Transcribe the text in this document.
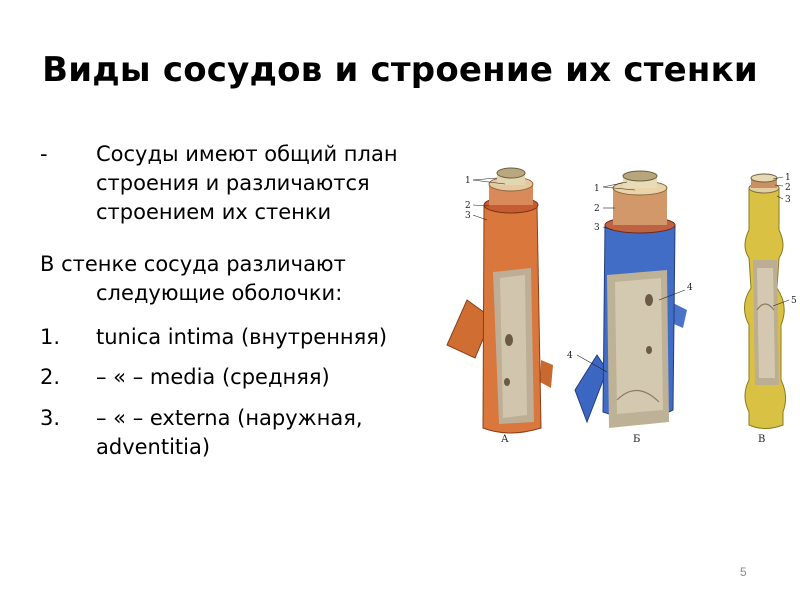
Виды сосудов и строение их стенки
- Сосуды имеют общий план
строения и различаются
строением их стенки
В стенке сосуда различают
следующие оболочки:
1. tunica intima (внутренняя)
2. – « – media (средняя)
3. – « – externa (наружная,
adventitia)
1
2
3
А
1
2
3
4
4
Б
1
2
3
5
В
5
